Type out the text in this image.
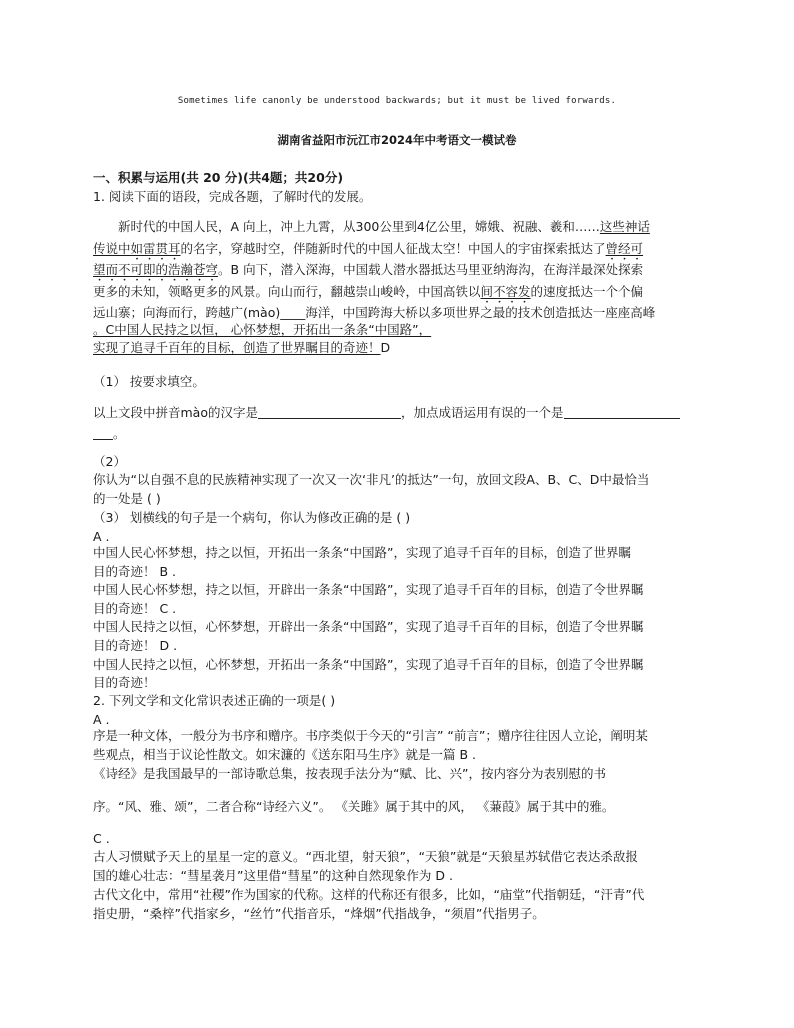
Sometimes life canonly be understood backwards; but it must be lived forwards.
湖南省益阳市沅江市2024年中考语文一模试卷
一、积累与运用(共 20 分)(共4题；共20分)
1. 阅读下面的语段，完成各题，了解时代的发展。
新时代的中国人民，A 向上，冲上九霄，从300公里到4亿公里，嫦娥、祝融、羲和……这些神话
传说中如雷贯耳的名字，穿越时空，伴随新时代的中国人征战太空！中国人的宇宙探索抵达了曾经可
望而不可即的浩瀚苍穹。B 向下，潜入深海，中国载人潜水器抵达马里亚纳海沟，在海洋最深处探索
更多的未知，领略更多的风景。向山而行，翻越崇山峻岭，中国高铁以间不容发的速度抵达一个个偏
远山寨；向海而行，跨越广(mào)____海洋，中国跨海大桥以多项世界之最的技术创造抵达一座座高峰
。C中国人民持之以恒， 心怀梦想，开拓出一条条“中国路”，
实现了追寻千百年的目标，创造了世界瞩目的奇迹！D
（1） 按要求填空。
以上文段中拼音mào的汉字是	，加点成语运用有误的一个是
。
（2）
你认为“以自强不息的民族精神实现了一次又一次‘非凡’的抵达”一句，放回文段A、B、C、D中最恰当
的一处是 ( )
（3） 划横线的句子是一个病句，你认为修改正确的是 ( )
A .
中国人民心怀梦想，持之以恒，开拓出一条条“中国路”，实现了追寻千百年的目标，创造了世界瞩
目的奇迹！ B .
中国人民心怀梦想，持之以恒，开辟出一条条“中国路”，实现了追寻千百年的目标，创造了令世界瞩
目的奇迹！ C .
中国人民持之以恒，心怀梦想，开辟出一条条“中国路”，实现了追寻千百年的目标，创造了令世界瞩
目的奇迹！ D .
中国人民持之以恒，心怀梦想，开拓出一条条“中国路”，实现了追寻千百年的目标，创造了令世界瞩
目的奇迹！
2. 下列文学和文化常识表述正确的一项是( )
A .
序是一种文体，一般分为书序和赠序。书序类似于今天的“引言” “前言”；赠序往往因人立论，阐明某
些观点，相当于议论性散文。如宋濂的《送东阳马生序》就是一篇 B .
《诗经》是我国最早的一部诗歌总集，按表现手法分为“赋、比、兴”，按内容分为表别慰的书
序。“风、雅、颂”，二者合称“诗经六义”。 《关雎》属于其中的风， 《蒹葭》属于其中的雅。
C .
古人习惯赋予天上的星星一定的意义。“西北望，射天狼”，“天狼”就是“天狼星苏轼借它表达杀敌报
国的雄心壮志：“彗星袭月”这里借“彗星”的这种自然现象作为 D .
古代文化中，常用“社稷”作为国家的代称。这样的代称还有很多，比如，“庙堂”代指朝廷，“汗青”代
指史册，“桑梓”代指家乡，“丝竹”代指音乐，“烽烟”代指战争，“须眉”代指男子。
